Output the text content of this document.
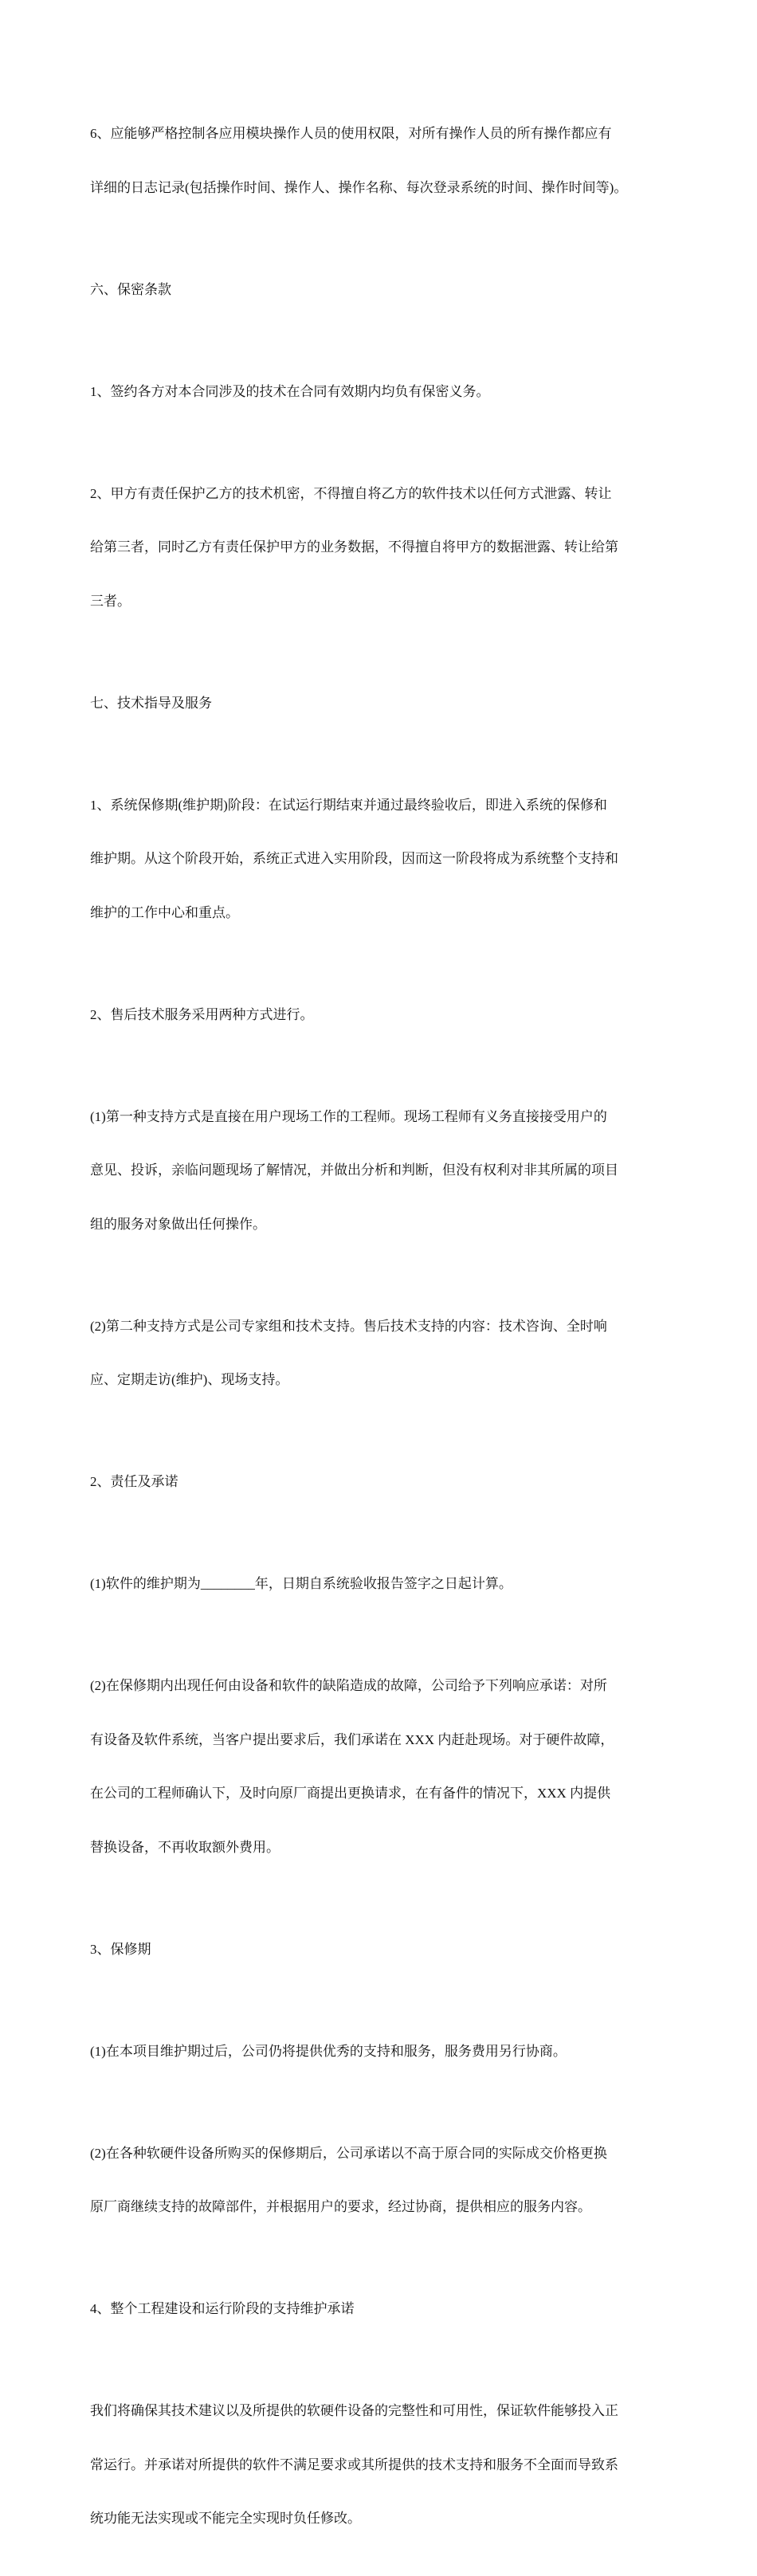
6、应能够严格控制各应用模块操作人员的使用权限，对所有操作人员的所有操作都应有

详细的日志记录(包括操作时间、操作人、操作名称、每次登录系统的时间、操作时间等)。

六、保密条款

1、签约各方对本合同涉及的技术在合同有效期内均负有保密义务。

2、甲方有责任保护乙方的技术机密，不得擅自将乙方的软件技术以任何方式泄露、转让

给第三者，同时乙方有责任保护甲方的业务数据，不得擅自将甲方的数据泄露、转让给第

三者。

七、技术指导及服务

1、系统保修期(维护期)阶段：在试运行期结束并通过最终验收后，即进入系统的保修和

维护期。从这个阶段开始，系统正式进入实用阶段，因而这一阶段将成为系统整个支持和

维护的工作中心和重点。

2、售后技术服务采用两种方式进行。

(1)第一种支持方式是直接在用户现场工作的工程师。现场工程师有义务直接接受用户的

意见、投诉，亲临问题现场了解情况，并做出分析和判断，但没有权利对非其所属的项目

组的服务对象做出任何操作。

(2)第二种支持方式是公司专家组和技术支持。售后技术支持的内容：技术咨询、全时响

应、定期走访(维护)、现场支持。

2、责任及承诺

(1)软件的维护期为________年，日期自系统验收报告签字之日起计算。

(2)在保修期内出现任何由设备和软件的缺陷造成的故障，公司给予下列响应承诺：对所

有设备及软件系统，当客户提出要求后，我们承诺在 XXX 内赶赴现场。对于硬件故障，

在公司的工程师确认下，及时向原厂商提出更换请求，在有备件的情况下，XXX 内提供

替换设备，不再收取额外费用。

3、保修期

(1)在本项目维护期过后，公司仍将提供优秀的支持和服务，服务费用另行协商。

(2)在各种软硬件设备所购买的保修期后，公司承诺以不高于原合同的实际成交价格更换

原厂商继续支持的故障部件，并根据用户的要求，经过协商，提供相应的服务内容。

4、整个工程建设和运行阶段的支持维护承诺

我们将确保其技术建议以及所提供的软硬件设备的完整性和可用性，保证软件能够投入正

常运行。并承诺对所提供的软件不满足要求或其所提供的技术支持和服务不全面而导致系

统功能无法实现或不能完全实现时负任修改。
